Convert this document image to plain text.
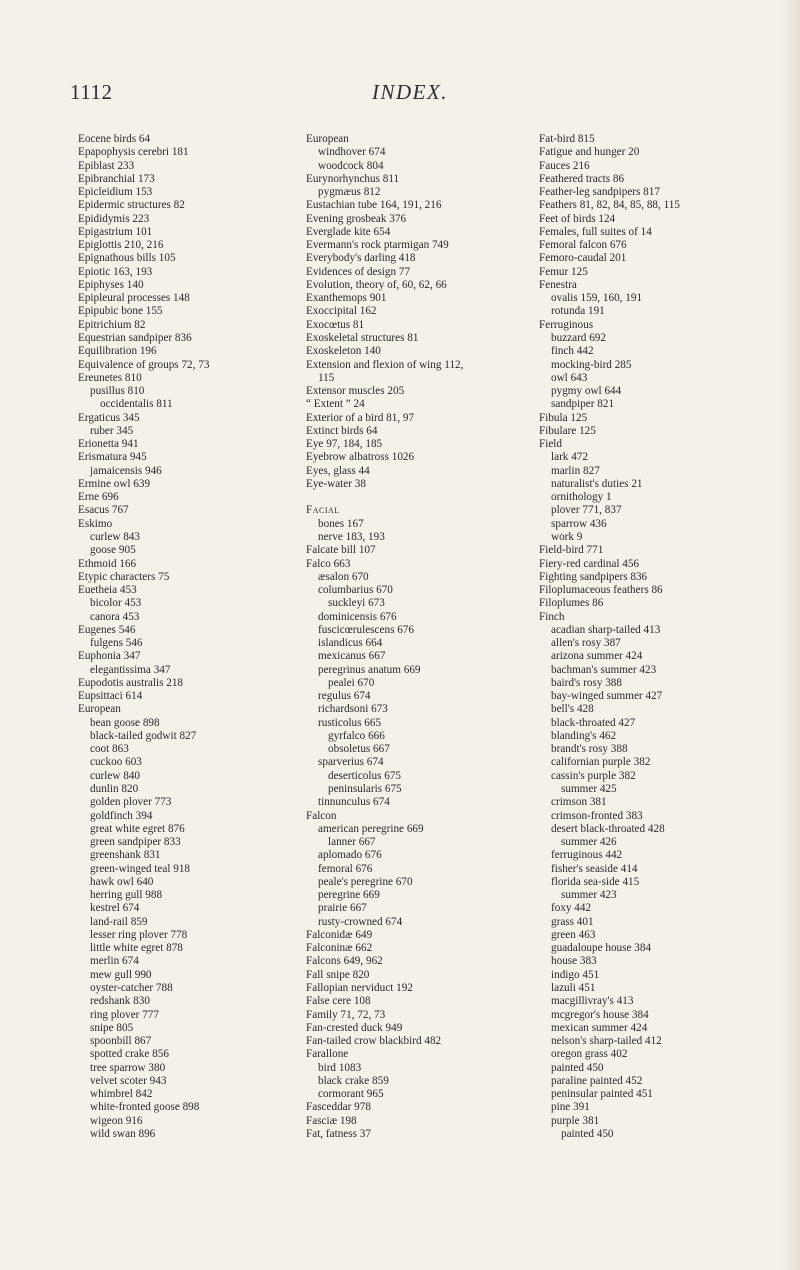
1112	INDEX.
Eocene birds 64
Epapophysis cerebri 181
Epiblast 233
Epibranchial 173
Epicleidium 153
Epidermic structures 82
Epididymis 223
Epigastrium 101
Epiglottis 210, 216
Epignathous bills 105
Epiotic 163, 193
Epiphyses 140
Epipleural processes 148
Epipubic bone 155
Epitrichium 82
Equestrian sandpiper 836
Equilibration 196
Equivalence of groups 72, 73
Ereunetes 810
pusillus 810
occidentalis 811
Ergaticus 345
ruber 345
Erionetta 941
Erismatura 945
jamaicensis 946
Ermine owl 639
Erne 696
Esacus 767
Eskimo
curlew 843
goose 905
Ethmoid 166
Etypic characters 75
Euetheia 453
bicolor 453
canora 453
Eugenes 546
fulgens 546
Euphonia 347
elegantissima 347
Eupodotis australis 218
Eupsittaci 614
European
bean goose 898
black-tailed godwit 827
coot 863
cuckoo 603
curlew 840
dunlin 820
golden plover 773
goldfinch 394
great white egret 876
green sandpiper 833
greenshank 831
green-winged teal 918
hawk owl 640
herring gull 988
kestrel 674
land-rail 859
lesser ring plover 778
little white egret 878
merlin 674
mew gull 990
oyster-catcher 788
redshank 830
ring plover 777
snipe 805
spoonbill 867
spotted crake 856
tree sparrow 380
velvet scoter 943
whimbrel 842
white-fronted goose 898
wigeon 916
wild swan 896
European
windhover 674
woodcock 804
Eurynorhynchus 811
pygmæus 812
Eustachian tube 164, 191, 216
Evening grosbeak 376
Everglade kite 654
Evermann's rock ptarmigan 749
Everybody's darling 418
Evidences of design 77
Evolution, theory of, 60, 62, 66
Exanthemops 901
Exoccipital 162
Exocœtus 81
Exoskeletal structures 81
Exoskeleton 140
Extension and flexion of wing 112,
115
Extensor muscles 205
“ Extent ” 24
Exterior of a bird 81, 97
Extinct birds 64
Eye 97, 184, 185
Eyebrow albatross 1026
Eyes, glass 44
Eye-water 38
Facial
bones 167
nerve 183, 193
Falcate bill 107
Falco 663
æsalon 670
columbarius 670
suckleyi 673
dominicensis 676
fuscicœrulescens 676
islandicus 664
mexicanus 667
peregrinus anatum 669
pealei 670
regulus 674
richardsoni 673
rusticolus 665
gyrfalco 666
obsoletus 667
sparverius 674
deserticolus 675
peninsularis 675
tinnunculus 674
Falcon
american peregrine 669
lanner 667
aplomado 676
femoral 676
peale's peregrine 670
peregrine 669
prairie 667
rusty-crowned 674
Falconidæ 649
Falconinæ 662
Falcons 649, 962
Fall snipe 820
Fallopian nerviduct 192
False cere 108
Family 71, 72, 73
Fan-crested duck 949
Fan-tailed crow blackbird 482
Farallone
bird 1083
black crake 859
cormorant 965
Fasceddar 978
Fasciæ 198
Fat, fatness 37
Fat-bird 815
Fatigue and hunger 20
Fauces 216
Feathered tracts 86
Feather-leg sandpipers 817
Feathers 81, 82, 84, 85, 88, 115
Feet of birds 124
Females, full suites of 14
Femoral falcon 676
Femoro-caudal 201
Femur 125
Fenestra
ovalis 159, 160, 191
rotunda 191
Ferruginous
buzzard 692
finch 442
mocking-bird 285
owl 643
pygmy owl 644
sandpiper 821
Fibula 125
Fibulare 125
Field
lark 472
marlin 827
naturalist's duties 21
ornithology 1
plover 771, 837
sparrow 436
work 9
Field-bird 771
Fiery-red cardinal 456
Fighting sandpipers 836
Filoplumaceous feathers 86
Filoplumes 86
Finch
acadian sharp-tailed 413
allen's rosy 387
arizona summer 424
bachman's summer 423
baird's rosy 388
bay-winged summer 427
bell's 428
black-throated 427
blanding's 462
brandt's rosy 388
californian purple 382
cassin's purple 382
summer 425
crimson 381
crimson-fronted 383
desert black-throated 428
summer 426
ferruginous 442
fisher's seaside 414
florida sea-side 415
summer 423
foxy 442
grass 401
green 463
guadaloupe house 384
house 383
indigo 451
lazuli 451
macgillivray's 413
mcgregor's house 384
mexican summer 424
nelson's sharp-tailed 412
oregon grass 402
painted 450
paraline painted 452
peninsular painted 451
pine 391
purple 381
painted 450
